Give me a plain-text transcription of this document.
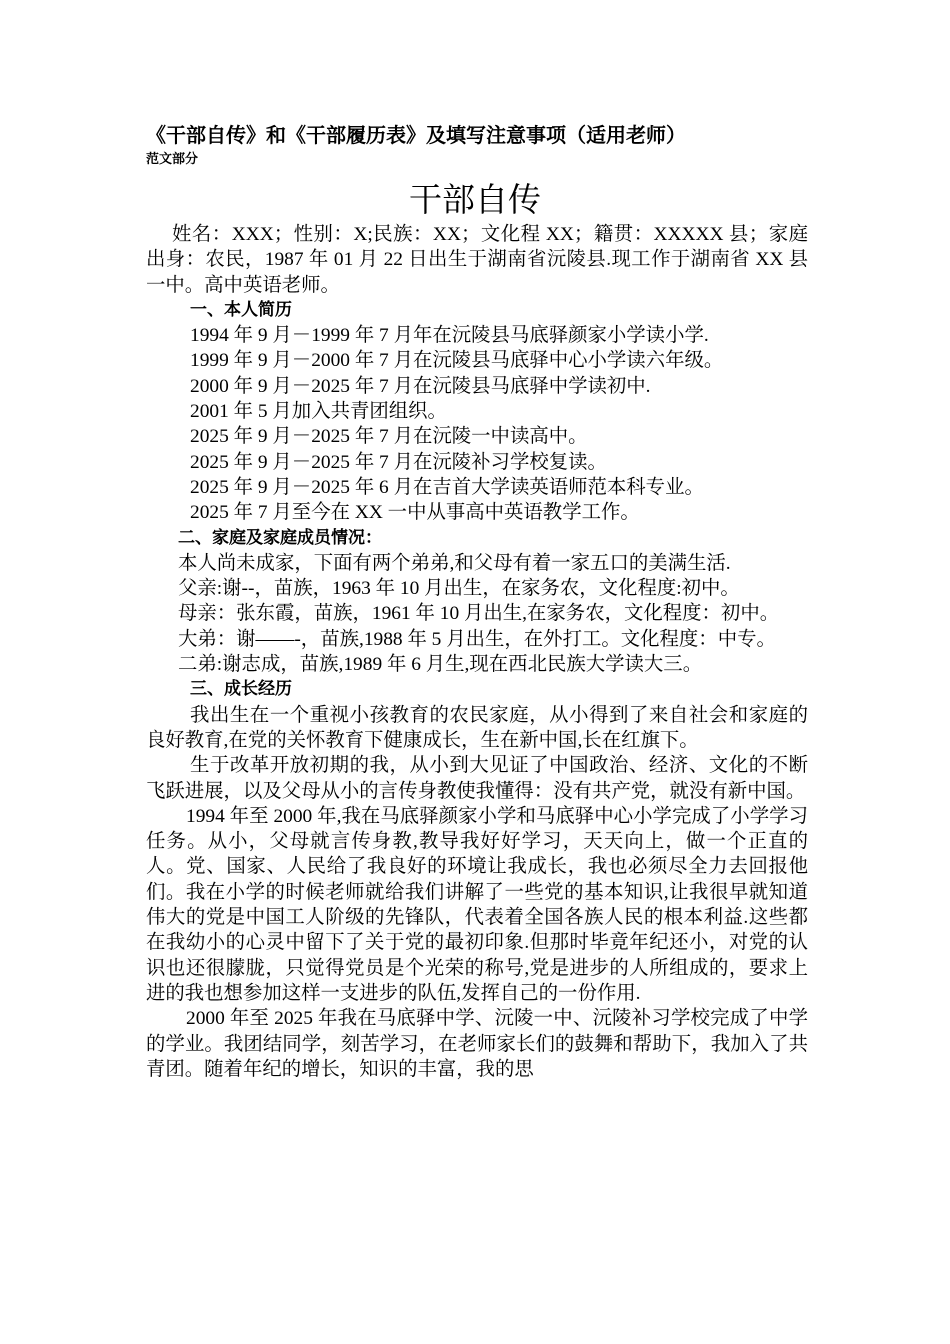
《干部自传》和《干部履历表》及填写注意事项（适用老师）
范文部分
干部自传

姓名：XXX；性别：X;民族：XX；文化程 XX；籍贯：XXXXX 县；家庭出身：农民，1987 年 01 月 22 日出生于湖南省沅陵县.现工作于湖南省 XX 县一中。高中英语老师。

一、本人简历

1994 年 9 月－1999 年 7 月年在沅陵县马底驿颜家小学读小学.

1999 年 9 月－2000 年 7 月在沅陵县马底驿中心小学读六年级。

2000 年 9 月－2025 年 7 月在沅陵县马底驿中学读初中.

2001 年 5 月加入共青团组织。

2025 年 9 月－2025 年 7 月在沅陵一中读高中。

2025 年 9 月－2025 年 7 月在沅陵补习学校复读。

2025 年 9 月－2025 年 6 月在吉首大学读英语师范本科专业。

2025 年 7 月至今在 XX 一中从事高中英语教学工作。

二、家庭及家庭成员情况：

本人尚未成家，下面有两个弟弟,和父母有着一家五口的美满生活.

父亲:谢--，苗族，1963 年 10 月出生，在家务农，文化程度:初中。

母亲：张东霞，苗族，1961 年 10 月出生,在家务农，文化程度：初中。

大弟：谢——-，苗族,1988 年 5 月出生，在外打工。文化程度：中专。

二弟:谢志成，苗族,1989 年 6 月生,现在西北民族大学读大三。

三、成长经历

我出生在一个重视小孩教育的农民家庭，从小得到了来自社会和家庭的良好教育,在党的关怀教育下健康成长，生在新中国,长在红旗下。

生于改革开放初期的我，从小到大见证了中国政治、经济、文化的不断飞跃进展，以及父母从小的言传身教使我懂得：没有共产党，就没有新中国。

1994 年至 2000 年,我在马底驿颜家小学和马底驿中心小学完成了小学学习任务。从小，父母就言传身教,教导我好好学习，天天向上，做一个正直的人。党、国家、人民给了我良好的环境让我成长，我也必须尽全力去回报他们。我在小学的时候老师就给我们讲解了一些党的基本知识,让我很早就知道伟大的党是中国工人阶级的先锋队，代表着全国各族人民的根本利益.这些都在我幼小的心灵中留下了关于党的最初印象.但那时毕竟年纪还小，对党的认识也还很朦胧，只觉得党员是个光荣的称号,党是进步的人所组成的，要求上进的我也想参加这样一支进步的队伍,发挥自己的一份作用.

2000 年至 2025 年我在马底驿中学、沅陵一中、沅陵补习学校完成了中学的学业。我团结同学，刻苦学习，在老师家长们的鼓舞和帮助下，我加入了共青团。随着年纪的增长，知识的丰富，我的思
